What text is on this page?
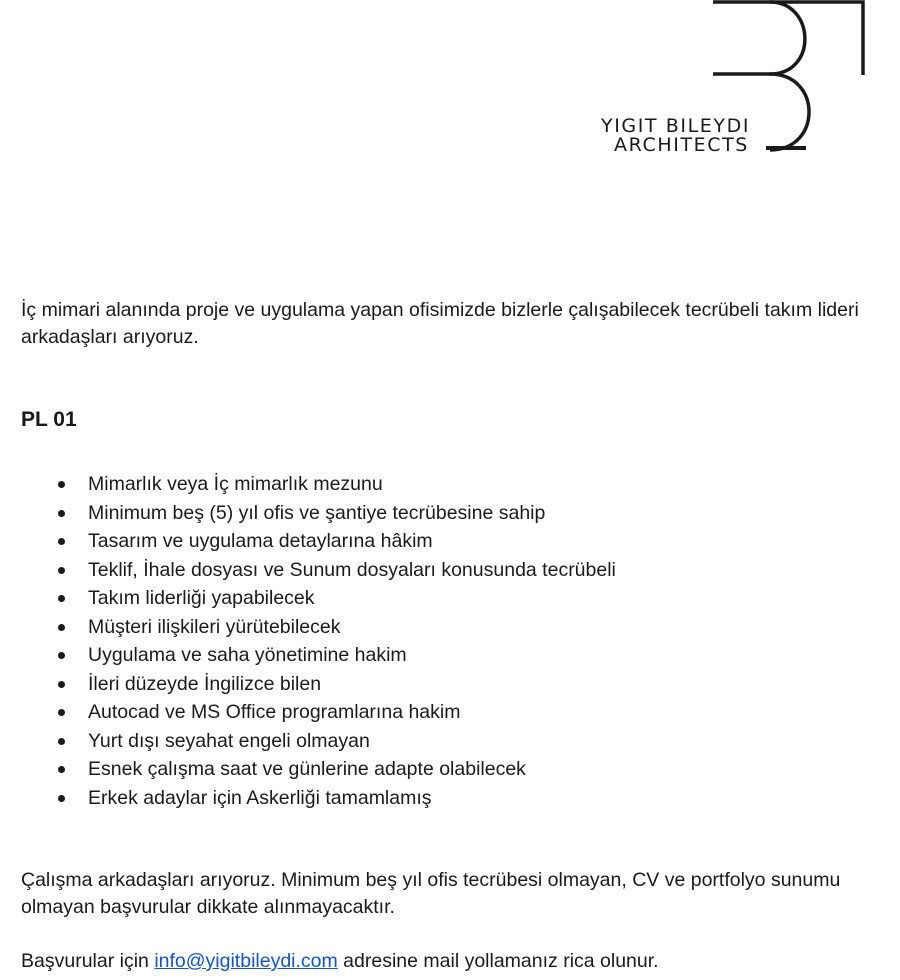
YIGIT BILEYDI
ARCHITECTS

İç mimari alanında proje ve uygulama yapan ofisimizde bizlerle çalışabilecek tecrübeli takım lideri arkadaşları arıyoruz.

PL 01
Mimarlık veya İç mimarlık mezunu
Minimum beş (5) yıl ofis ve şantiye tecrübesine sahip
Tasarım ve uygulama detaylarına hâkim
Teklif, İhale dosyası ve Sunum dosyaları konusunda tecrübeli
Takım liderliği yapabilecek
Müşteri ilişkileri yürütebilecek
Uygulama ve saha yönetimine hakim
İleri düzeyde İngilizce bilen
Autocad ve MS Office programlarına hakim
Yurt dışı seyahat engeli olmayan
Esnek çalışma saat ve günlerine adapte olabilecek
Erkek adaylar için Askerliği tamamlamış

Çalışma arkadaşları arıyoruz. Minimum beş yıl ofis tecrübesi olmayan, CV ve portfolyo sunumu olmayan başvurular dikkate alınmayacaktır.

Başvurular için info@yigitbileydi.com adresine mail yollamanız rica olunur.
